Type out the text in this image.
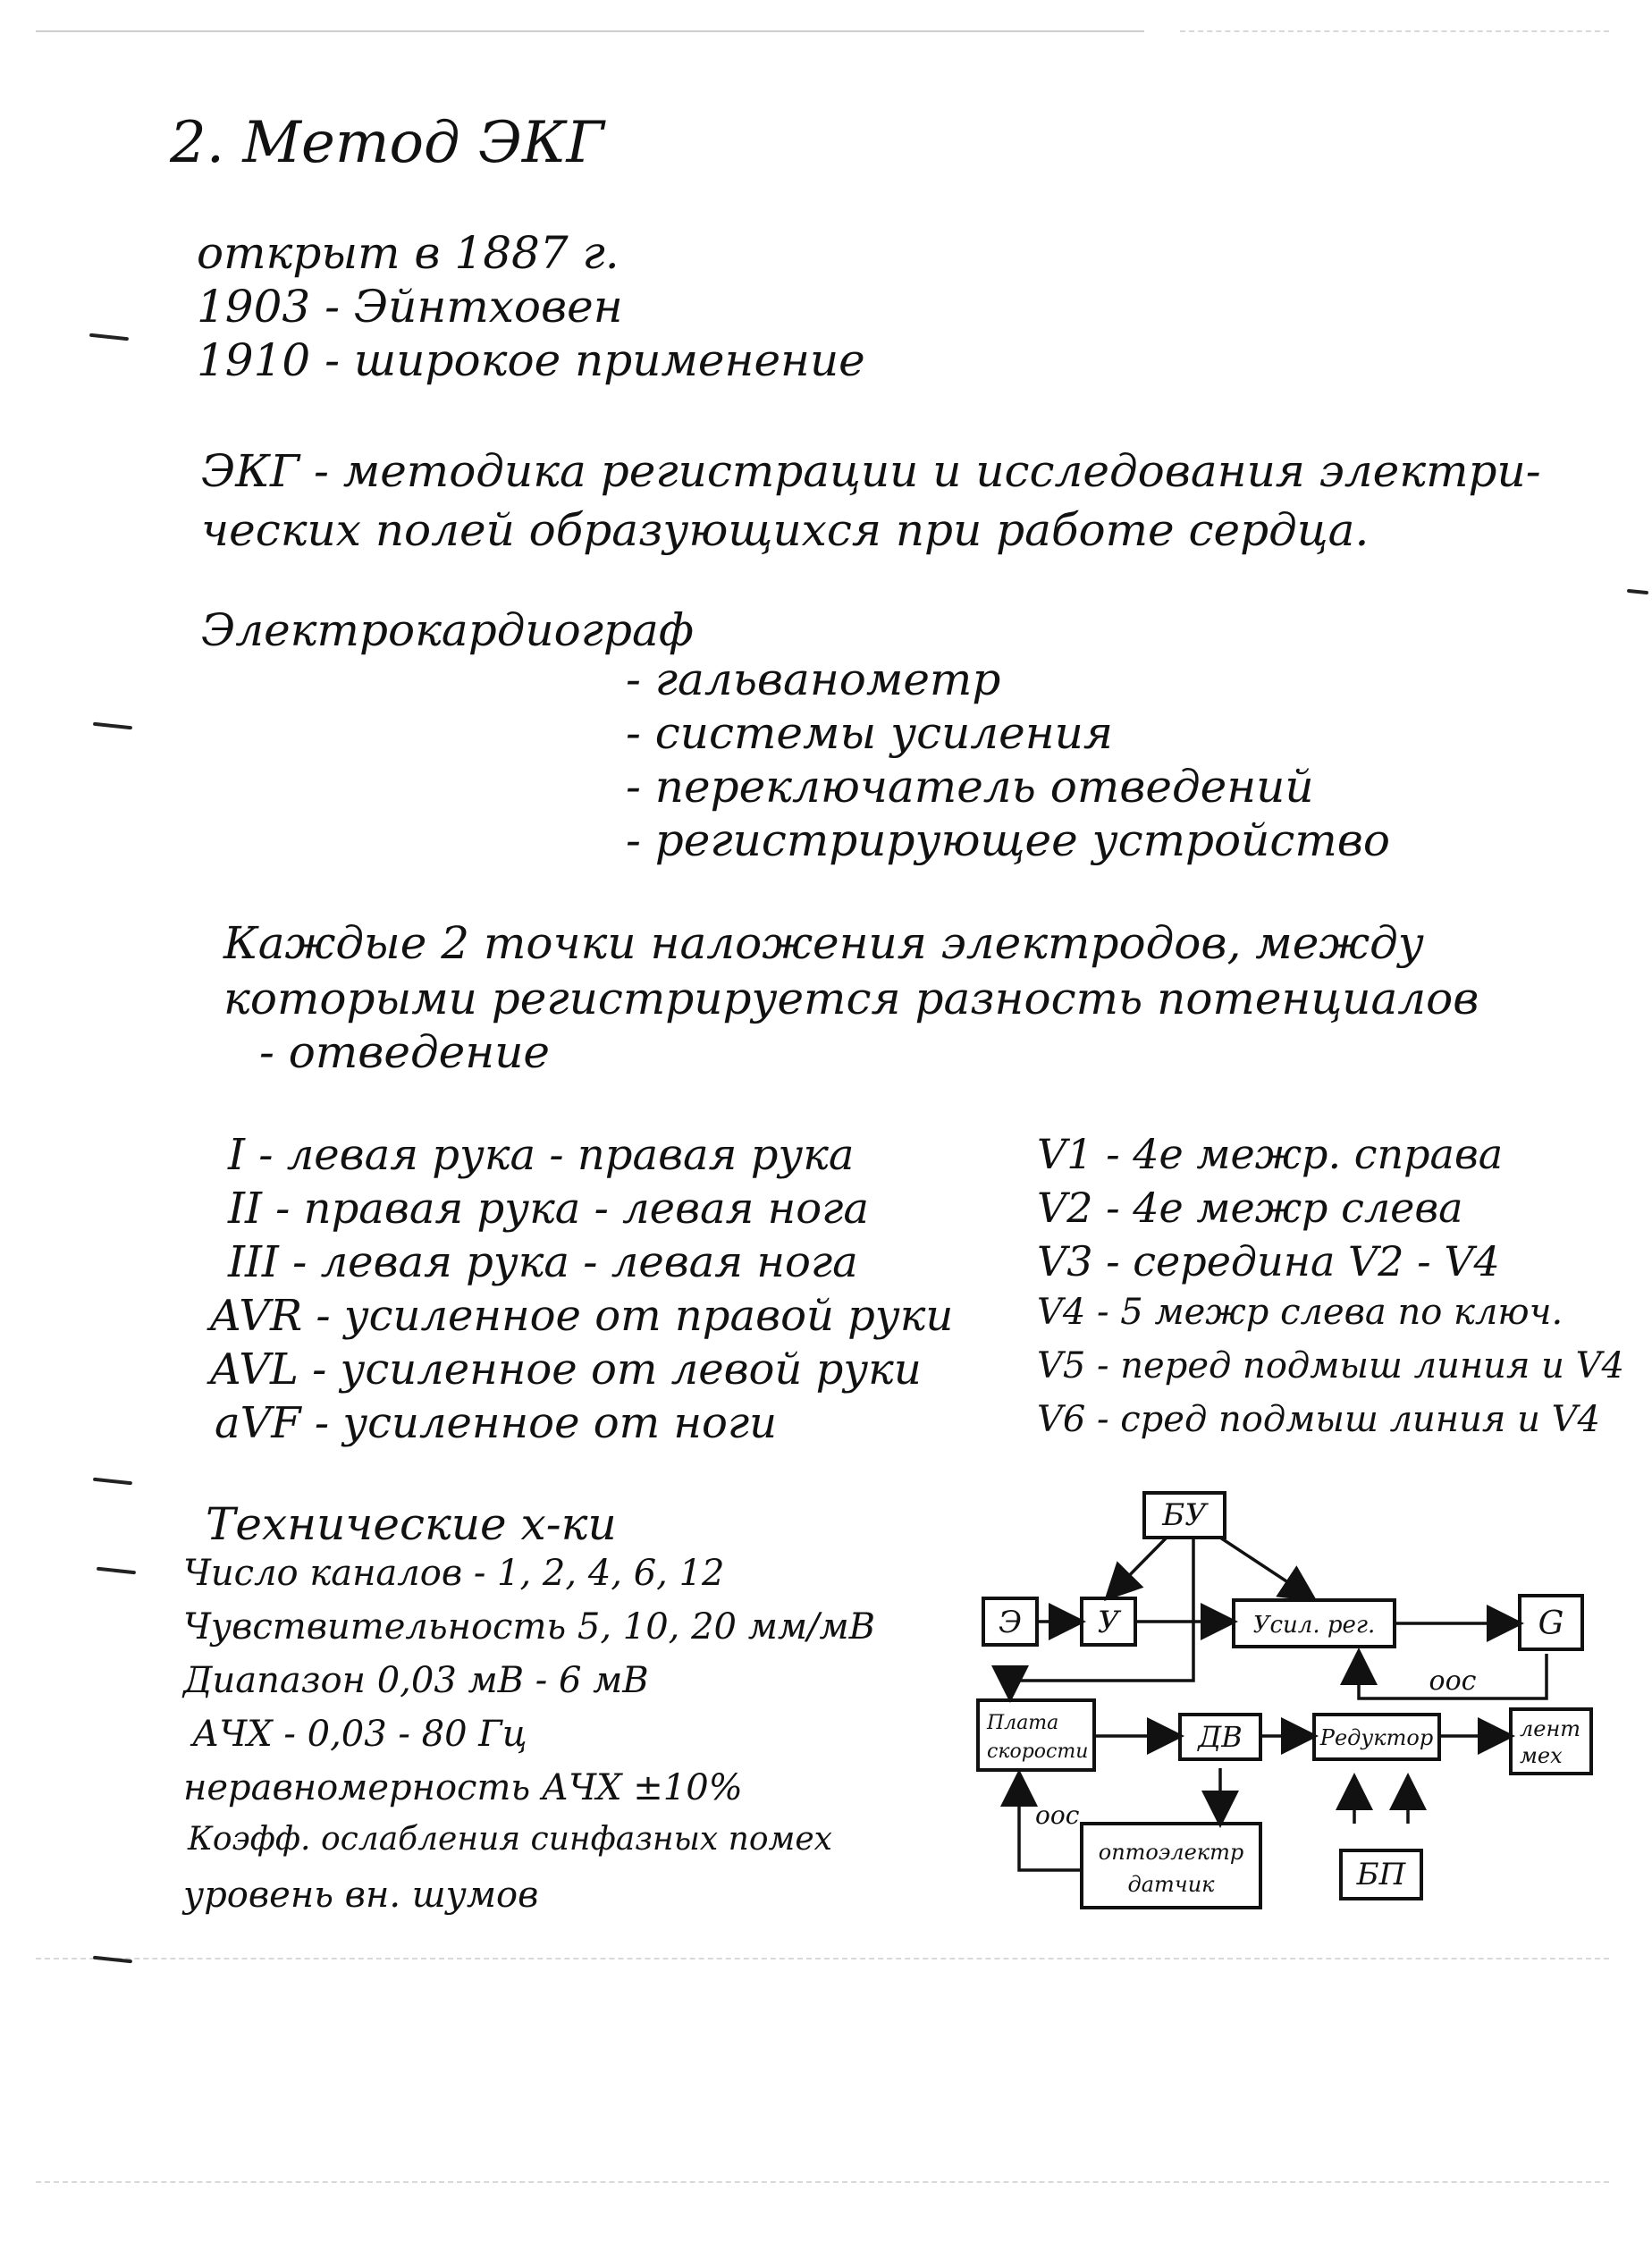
2. Метод ЭКГ
открыт в 1887 г.
1903 - Эйнтховен
1910 - широкое применение
ЭКГ - методика регистрации и исследования электри-
ческих полей образующихся при работе сердца.
Электрокардиограф
- гальванометр
- системы усиления
- переключатель отведений
- регистрирующее устройство
Каждые 2 точки наложения электродов, между
которыми регистрируется разность потенциалов
- отведение
I - левая рука - правая рука
II - правая рука - левая нога
III - левая рука - левая нога
AVR - усиленное от правой руки
AVL - усиленное от левой руки
aVF - усиленное от ноги
V1 - 4е межр. справа
V2 - 4е межр слева
V3 - середина V2 - V4
V4 - 5 межр слева по ключ.
V5 - перед подмыш линия и V4
V6 - сред подмыш линия и V4
Технические х-ки
Число каналов - 1, 2, 4, 6, 12
Чувствительность 5, 10, 20 мм/мВ
Диапазон 0,03 мВ - 6 мВ
АЧХ - 0,03 - 80 Гц
неравномерность АЧХ ±10%
Коэфф. ослабления синфазных помех
уровень вн. шумов
БУ
Э У	Усил. рег.	G
оос
Плата
скорости	ДВ	Редуктор	лент
мех
оптоэлектр
датчик
оос
БП
